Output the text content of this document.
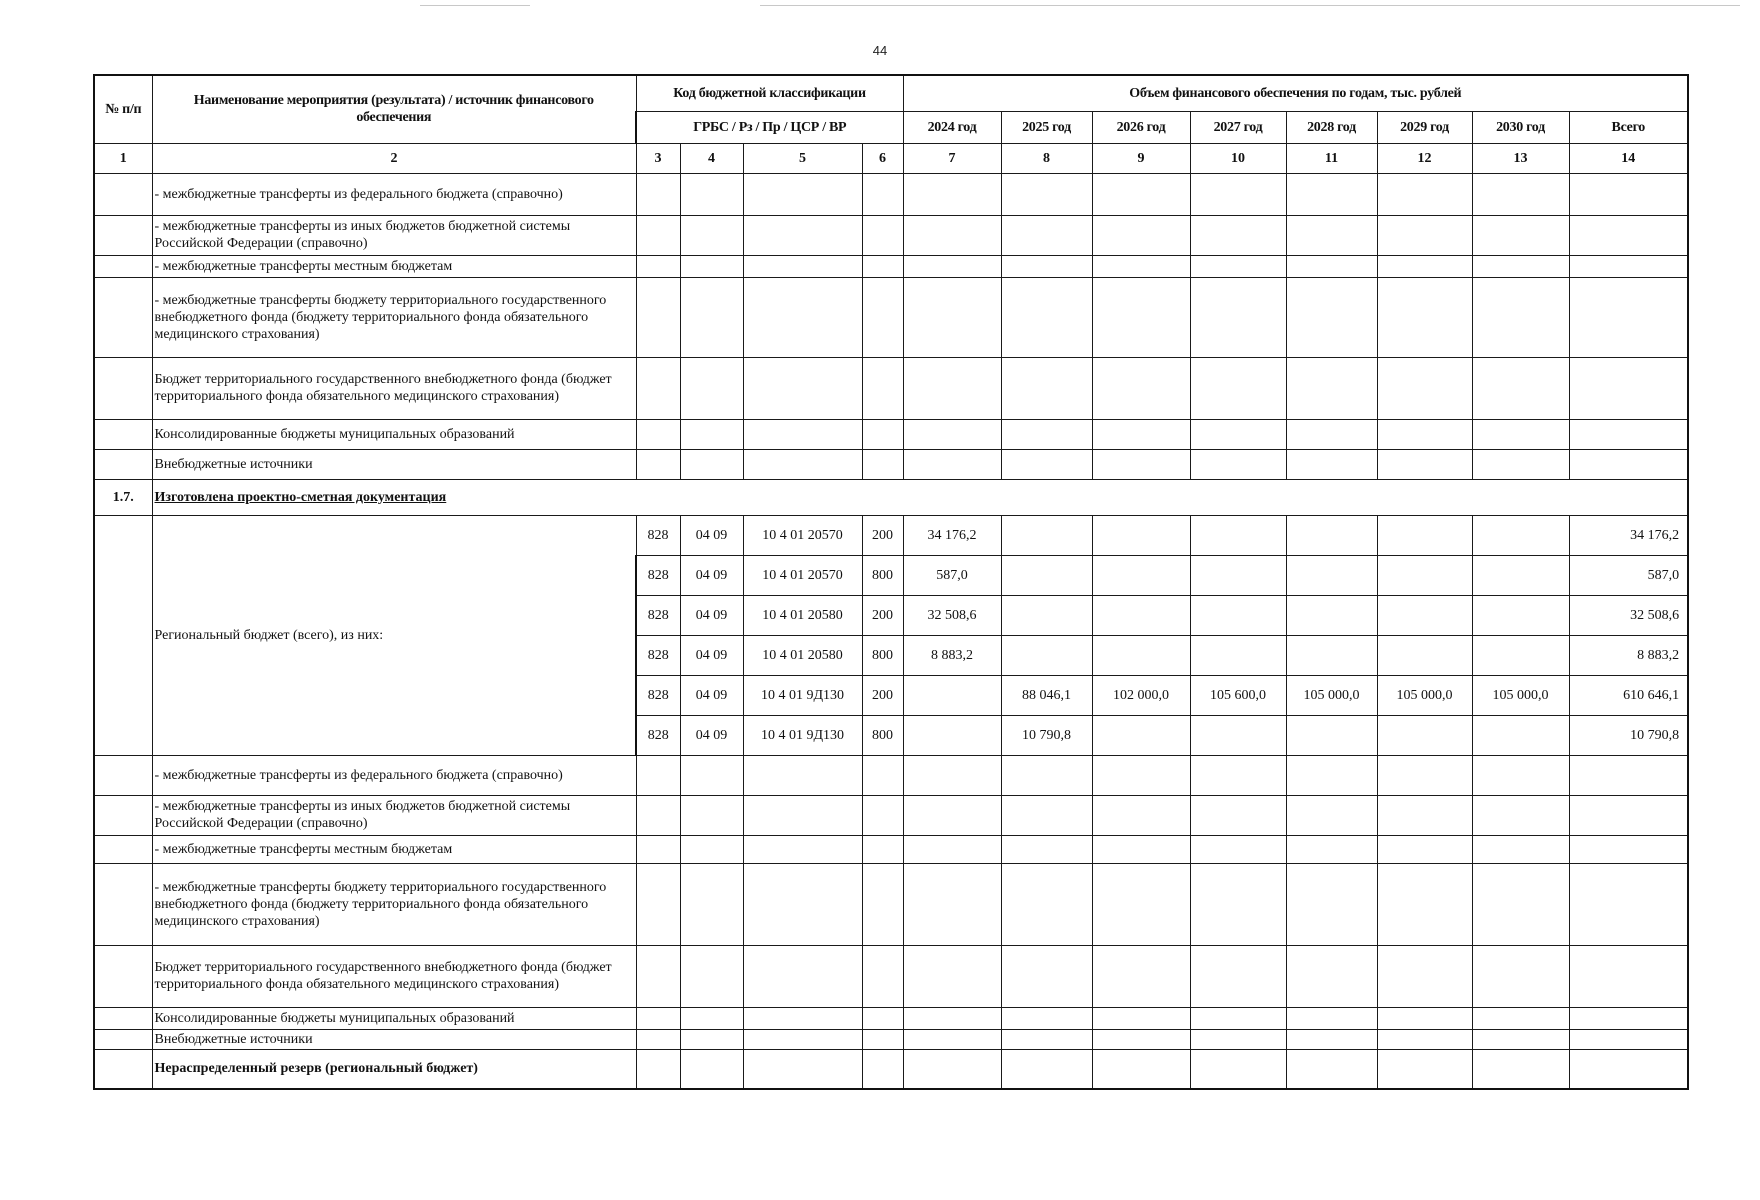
44
№ п/п	Наименование мероприятия (результата) / источник финансового обеспечения	Код бюджетной классификации				Объем финансового обеспечения по годам, тыс. рублей							
		ГРБС / Рз / Пр / ЦСР / ВР				2024 год	2025 год	2026 год	2027 год	2028 год	2029 год	2030 год	Всего
1	2	3	4	5	6	7	8	9	10	11	12	13	14
	- межбюджетные трансферты из федерального бюджета (справочно)												
	- межбюджетные трансферты из иных бюджетов бюджетной системы Российской Федерации (справочно)												
	- межбюджетные трансферты местным бюджетам												
	- межбюджетные трансферты бюджету территориального государственного внебюджетного фонда (бюджету территориального фонда обязательного медицинского страхования)												
	Бюджет территориального государственного внебюджетного фонда (бюджет территориального фонда обязательного медицинского страхования)												
	Консолидированные бюджеты муниципальных образований												
	Внебюджетные источники												
1.7.	Изготовлена проектно-сметная документация												
	Региональный бюджет (всего), из них:	828	04 09	10 4 01 20570	200	34 176,2							34 176,2
		828	04 09	10 4 01 20570	800	587,0							587,0
		828	04 09	10 4 01 20580	200	32 508,6							32 508,6
		828	04 09	10 4 01 20580	800	8 883,2							8 883,2
		828	04 09	10 4 01 9Д130	200		88 046,1	102 000,0	105 600,0	105 000,0	105 000,0	105 000,0	610 646,1
		828	04 09	10 4 01 9Д130	800		10 790,8						10 790,8
	- межбюджетные трансферты из федерального бюджета (справочно)												
	- межбюджетные трансферты из иных бюджетов бюджетной системы Российской Федерации (справочно)												
	- межбюджетные трансферты местным бюджетам												
	- межбюджетные трансферты бюджету территориального государственного внебюджетного фонда (бюджету территориального фонда обязательного медицинского страхования)												
	Бюджет территориального государственного внебюджетного фонда (бюджет территориального фонда обязательного медицинского страхования)												
	Консолидированные бюджеты муниципальных образований												
	Внебюджетные источники												
	Нераспределенный резерв (региональный бюджет)												
